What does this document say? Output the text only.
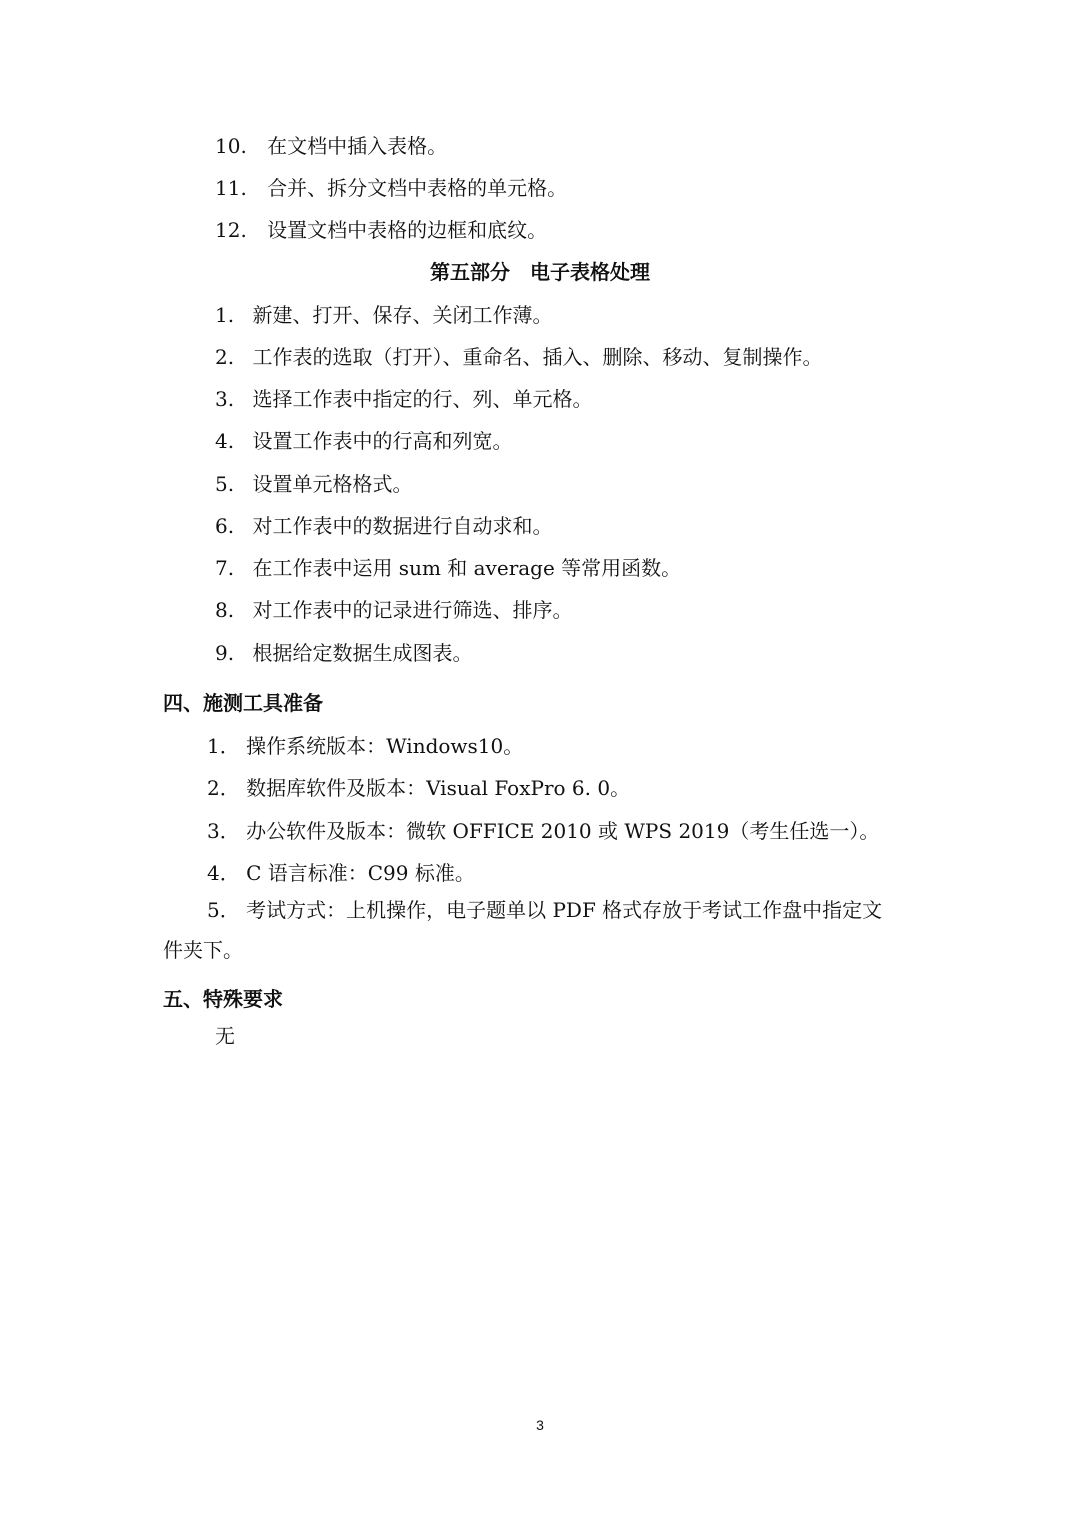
10. 在文档中插入表格。
11. 合并、拆分文档中表格的单元格。
12. 设置文档中表格的边框和底纹。
第五部分　电子表格处理
1. 新建、打开、保存、关闭工作薄。
2. 工作表的选取（打开）、重命名、插入、删除、移动、复制操作。
3. 选择工作表中指定的行、列、单元格。
4. 设置工作表中的行高和列宽。
5. 设置单元格格式。
6. 对工作表中的数据进行自动求和。
7. 在工作表中运用 sum 和 average 等常用函数。
8. 对工作表中的记录进行筛选、排序。
9. 根据给定数据生成图表。
四、施测工具准备
1． 操作系统版本：Windows10。
2． 数据库软件及版本：Visual FoxPro 6. 0。
3． 办公软件及版本：微软 OFFICE 2010 或 WPS 2019（考生任选一）。
4． C 语言标准：C99 标准。
5． 考试方式：上机操作，电子题单以 PDF 格式存放于考试工作盘中指定文
件夹下。
五、特殊要求
无
3
